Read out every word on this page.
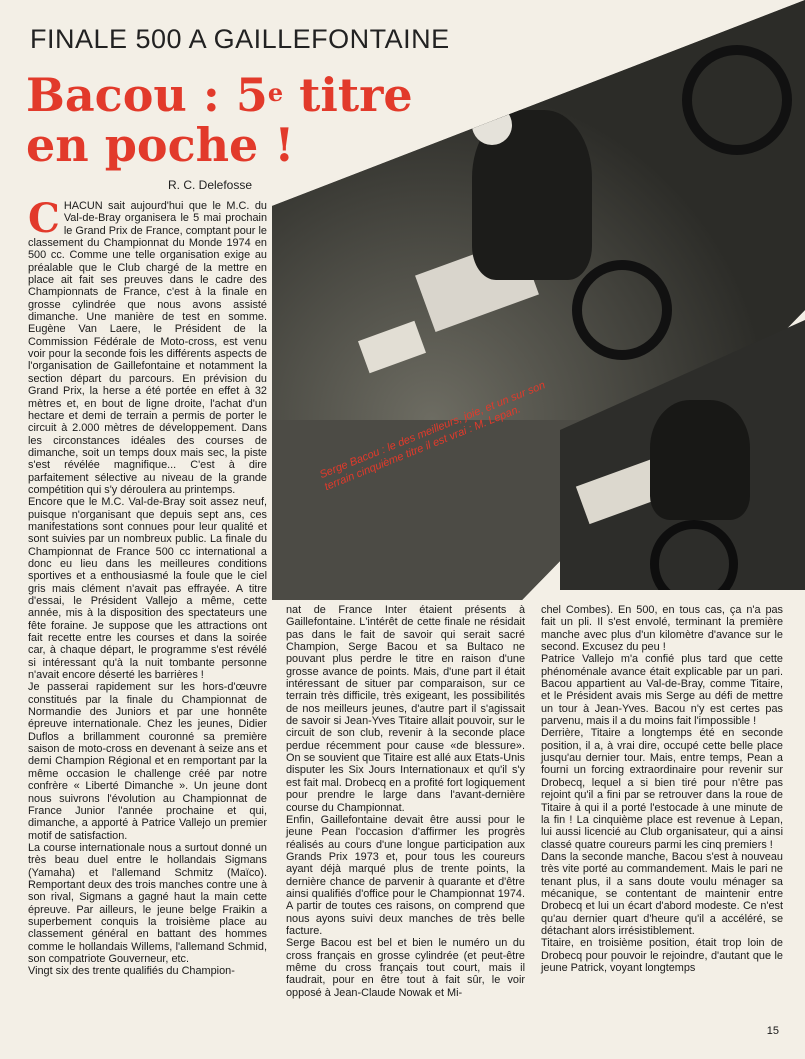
FINALE 500 A GAILLEFONTAINE
Bacou : 5e titre
en poche !
R. C. Delefosse
Serge Bacou : le des meilleurs, joie, et un sur son terrain cinquième titre il est vrai : M. Lepan.
C HACUN sait aujourd'hui que le M.C. du Val-de-Bray organisera le 5 mai prochain le Grand Prix de France, comptant pour le classement du Championnat du Monde 1974 en 500 cc. Comme une telle organisation exige au préalable que le Club chargé de la mettre en place ait fait ses preuves dans le cadre des Championnats de France, c'est à la finale en grosse cylindrée que nous avons assisté dimanche. Une manière de test en somme. Eugène Van Laere, le Président de la Commission Fédérale de Moto-cross, est venu voir pour la seconde fois les différents aspects de l'organisation de Gaillefontaine et notamment la section départ du parcours. En prévision du Grand Prix, la herse a été portée en effet à 32 mètres et, en bout de ligne droite, l'achat d'un hectare et demi de terrain a permis de porter le circuit à 2.000 mètres de développement. Dans les circonstances idéales des courses de dimanche, soit un temps doux mais sec, la piste s'est révélée magnifique... C'est à dire parfaitement sélective au niveau de la grande compétition qui s'y déroulera au printemps.

Encore que le M.C. Val-de-Bray soit assez neuf, puisque n'organisant que depuis sept ans, ces manifestations sont connues pour leur qualité et sont suivies par un nombreux public. La finale du Championnat de France 500 cc international a donc eu lieu dans les meilleures conditions sportives et a enthousiasmé la foule que le ciel gris mais clément n'avait pas effrayée. A titre d'essai, le Président Vallejo a même, cette année, mis à la disposition des spectateurs une fête foraine. Je suppose que les attractions ont fait recette entre les courses et dans la soirée car, à chaque départ, le programme s'est révélé si intéressant qu'à la nuit tombante personne n'avait encore déserté les barrières !

Je passerai rapidement sur les hors-d'œuvre constitués par la finale du Championnat de Normandie des Juniors et par une honnête épreuve internationale. Chez les jeunes, Didier Duflos a brillamment couronné sa première saison de moto-cross en devenant à seize ans et demi Champion Régional et en remportant par la même occasion le challenge créé par notre confrère « Liberté Dimanche ». Un jeune dont nous suivrons l'évolution au Championnat de France Junior l'année prochaine et qui, dimanche, a apporté à Patrice Vallejo un premier motif de satisfaction.

La course internationale nous a surtout donné un très beau duel entre le hollandais Sigmans (Yamaha) et l'allemand Schmitz (Maïco). Remportant deux des trois manches contre une à son rival, Sigmans a gagné haut la main cette épreuve. Par ailleurs, le jeune belge Fraikin a superbement conquis la troisième place au classement général en battant des hommes comme le hollandais Willems, l'allemand Schmid, son compatriote Gouverneur, etc.

Vingt six des trente qualifiés du Champion-

nat de France Inter étaient présents à Gaillefontaine. L'intérêt de cette finale ne résidait pas dans le fait de savoir qui serait sacré Champion, Serge Bacou et sa Bultaco ne pouvant plus perdre le titre en raison d'une grosse avance de points. Mais, d'une part il était intéressant de situer par comparaison, sur ce terrain très difficile, très exigeant, les possibilités de nos meilleurs jeunes, d'autre part il s'agissait de savoir si Jean-Yves Titaire allait pouvoir, sur le circuit de son club, revenir à la seconde place perdue récemment pour cause «de blessure». On se souvient que Titaire est allé aux Etats-Unis disputer les Six Jours Internationaux et qu'il s'y est fait mal. Drobecq en a profité fort logiquement pour prendre le large dans l'avant-dernière course du Championnat.

Enfin, Gaillefontaine devait être aussi pour le jeune Pean l'occasion d'affirmer les progrès réalisés au cours d'une longue participation aux Grands Prix 1973 et, pour tous les coureurs ayant déjà marqué plus de trente points, la dernière chance de parvenir à quarante et d'être ainsi qualifiés d'office pour le Championnat 1974. A partir de toutes ces raisons, on comprend que nous ayons suivi deux manches de très belle facture.

Serge Bacou est bel et bien le numéro un du cross français en grosse cylindrée (et peut-être même du cross français tout court, mais il faudrait, pour en être tout à fait sûr, le voir opposé à Jean-Claude Nowak et Mi-

chel Combes). En 500, en tous cas, ça n'a pas fait un pli. Il s'est envolé, terminant la première manche avec plus d'un kilomètre d'avance sur le second. Excusez du peu !

Patrice Vallejo m'a confié plus tard que cette phénoménale avance était explicable par un pari. Bacou appartient au Val-de-Bray, comme Titaire, et le Président avais mis Serge au défi de mettre un tour à Jean-Yves. Bacou n'y est certes pas parvenu, mais il a du moins fait l'impossible !

Derrière, Titaire a longtemps été en seconde position, il a, à vrai dire, occupé cette belle place jusqu'au dernier tour. Mais, entre temps, Pean a fourni un forcing extraordinaire pour revenir sur Drobecq, lequel a si bien tiré pour n'être pas rejoint qu'il a fini par se retrouver dans la roue de Titaire à qui il a porté l'estocade à une minute de la fin ! La cinquième place est revenue à Lepan, lui aussi licencié au Club organisateur, qui a ainsi classé quatre coureurs parmi les cinq premiers !

Dans la seconde manche, Bacou s'est à nouveau très vite porté au commandement. Mais le pari ne tenant plus, il a sans doute voulu ménager sa mécanique, se contentant de maintenir entre Drobecq et lui un écart d'abord modeste. Ce n'est qu'au dernier quart d'heure qu'il a accéléré, se détachant alors irrésistiblement.

Titaire, en troisième position, était trop loin de Drobecq pour pouvoir le rejoindre, d'autant que le jeune Patrick, voyant longtemps

15
